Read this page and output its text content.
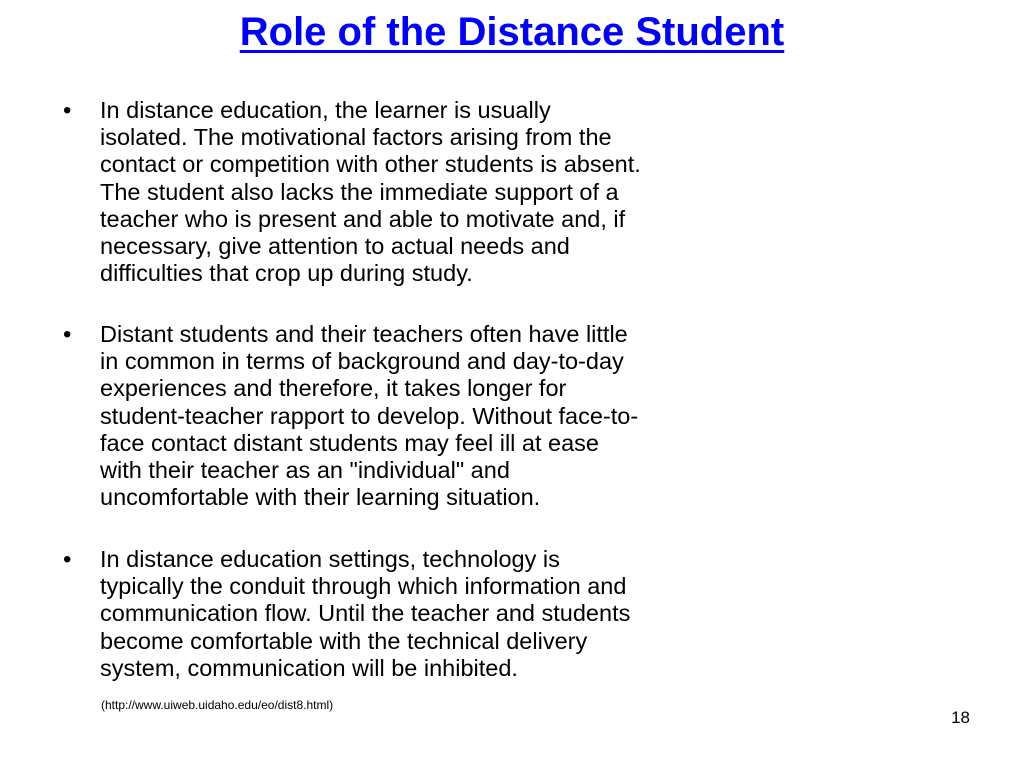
Role of the Distance Student
• In distance education, the learner is usually
isolated. The motivational factors arising from the
contact or competition with other students is absent.
The student also lacks the immediate support of a
teacher who is present and able to motivate and, if
necessary, give attention to actual needs and
difficulties that crop up during study.

• Distant students and their teachers often have little
in common in terms of background and day-to-day
experiences and therefore, it takes longer for
student-teacher rapport to develop. Without face-to-
face contact distant students may feel ill at ease
with their teacher as an "individual" and
uncomfortable with their learning situation.

• In distance education settings, technology is
typically the conduit through which information and
communication flow. Until the teacher and students
become comfortable with the technical delivery
system, communication will be inhibited.

(http://www.uiweb.uidaho.edu/eo/dist8.html)

18
